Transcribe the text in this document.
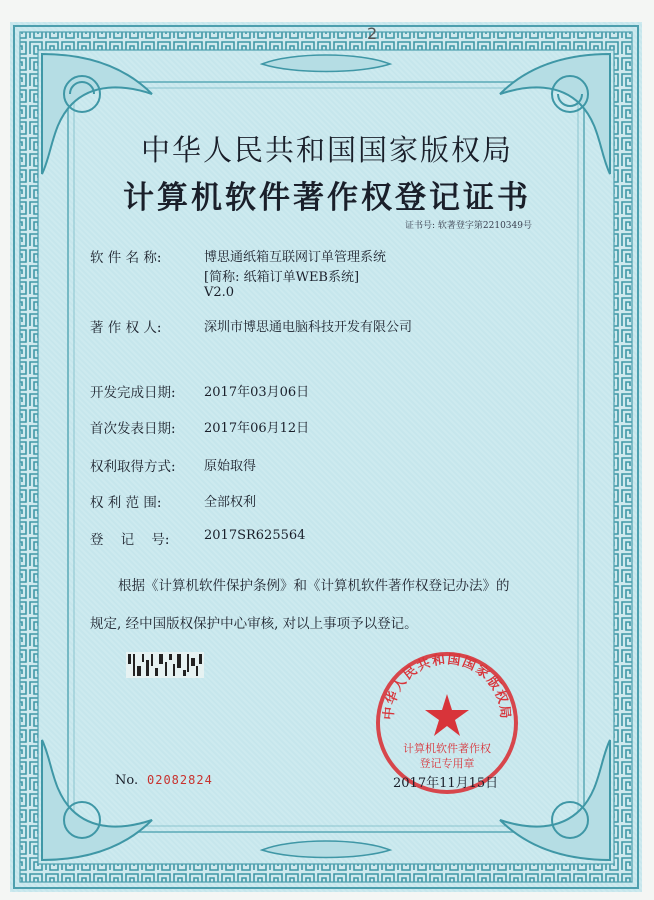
2
中华人民共和国国家版权局
计算机软件著作权登记证书
证书号: 软著登字第2210349号
软 件 名 称:	博思通纸箱互联网订单管理系统
[简称: 纸箱订单WEB系统]
V2.0
著 作 权 人:	深圳市博思通电脑科技开发有限公司
开发完成日期:	2017年03月06日
首次发表日期:	2017年06月12日
权利取得方式:	原始取得
权 利 范 围:	全部权利
登    记    号:	2017SR625564
根据《计算机软件保护条例》和《计算机软件著作权登记办法》的
规定, 经中国版权保护中心审核, 对以上事项予以登记。
中华人民共和国国家版权局
计算机软件著作权
登记专用章
No. 02082824	2017年11月15日
